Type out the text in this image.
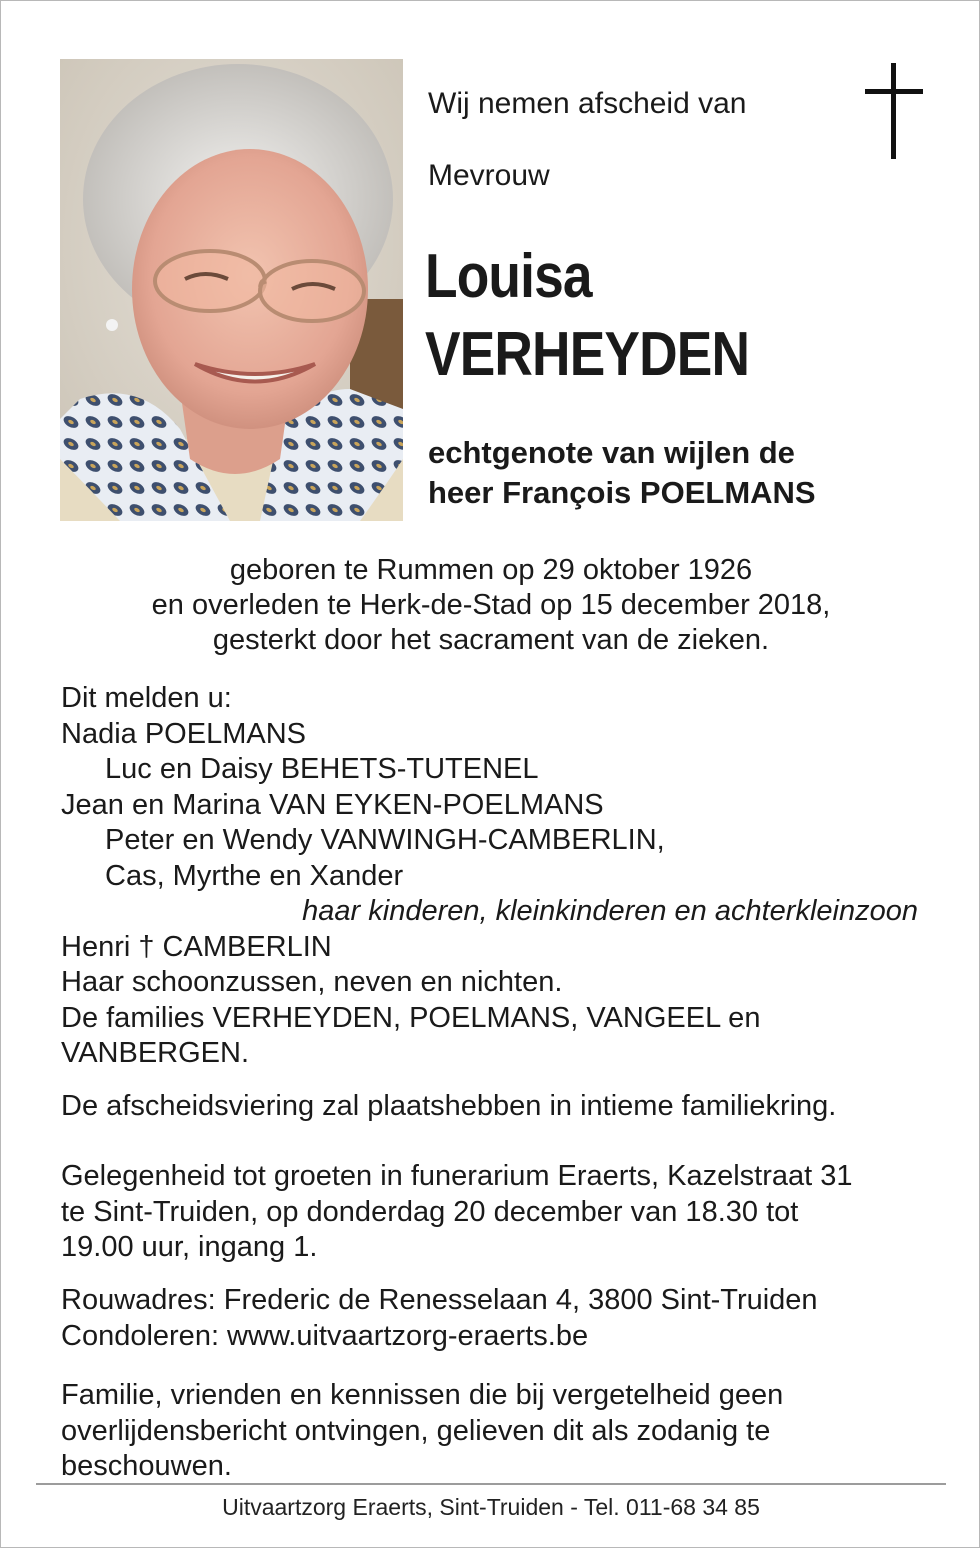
Wij nemen afscheid van
Mevrouw
Louisa
VERHEYDEN
echtgenote van wijlen de
heer François POELMANS
geboren te Rummen op 29 oktober 1926
en overleden te Herk-de-Stad op 15 december 2018,
gesterkt door het sacrament van de zieken.
Dit melden u:
Nadia POELMANS
Luc en Daisy BEHETS-TUTENEL
Jean en Marina VAN EYKEN-POELMANS
Peter en Wendy VANWINGH-CAMBERLIN,
Cas, Myrthe en Xander
haar kinderen, kleinkinderen en achterkleinzoon
Henri † CAMBERLIN
Haar schoonzussen, neven en nichten.
De families VERHEYDEN, POELMANS, VANGEEL en
VANBERGEN.
De afscheidsviering zal plaatshebben in intieme familiekring.
Gelegenheid tot groeten in funerarium Eraerts, Kazelstraat 31
te Sint-Truiden, op donderdag 20 december van 18.30 tot
19.00 uur, ingang 1.
Rouwadres: Frederic de Renesselaan 4, 3800 Sint-Truiden
Condoleren: www.uitvaartzorg-eraerts.be
Familie, vrienden en kennissen die bij vergetelheid geen
overlijdensbericht ontvingen, gelieven dit als zodanig te
beschouwen.
Uitvaartzorg Eraerts, Sint-Truiden - Tel. 011-68 34 85
